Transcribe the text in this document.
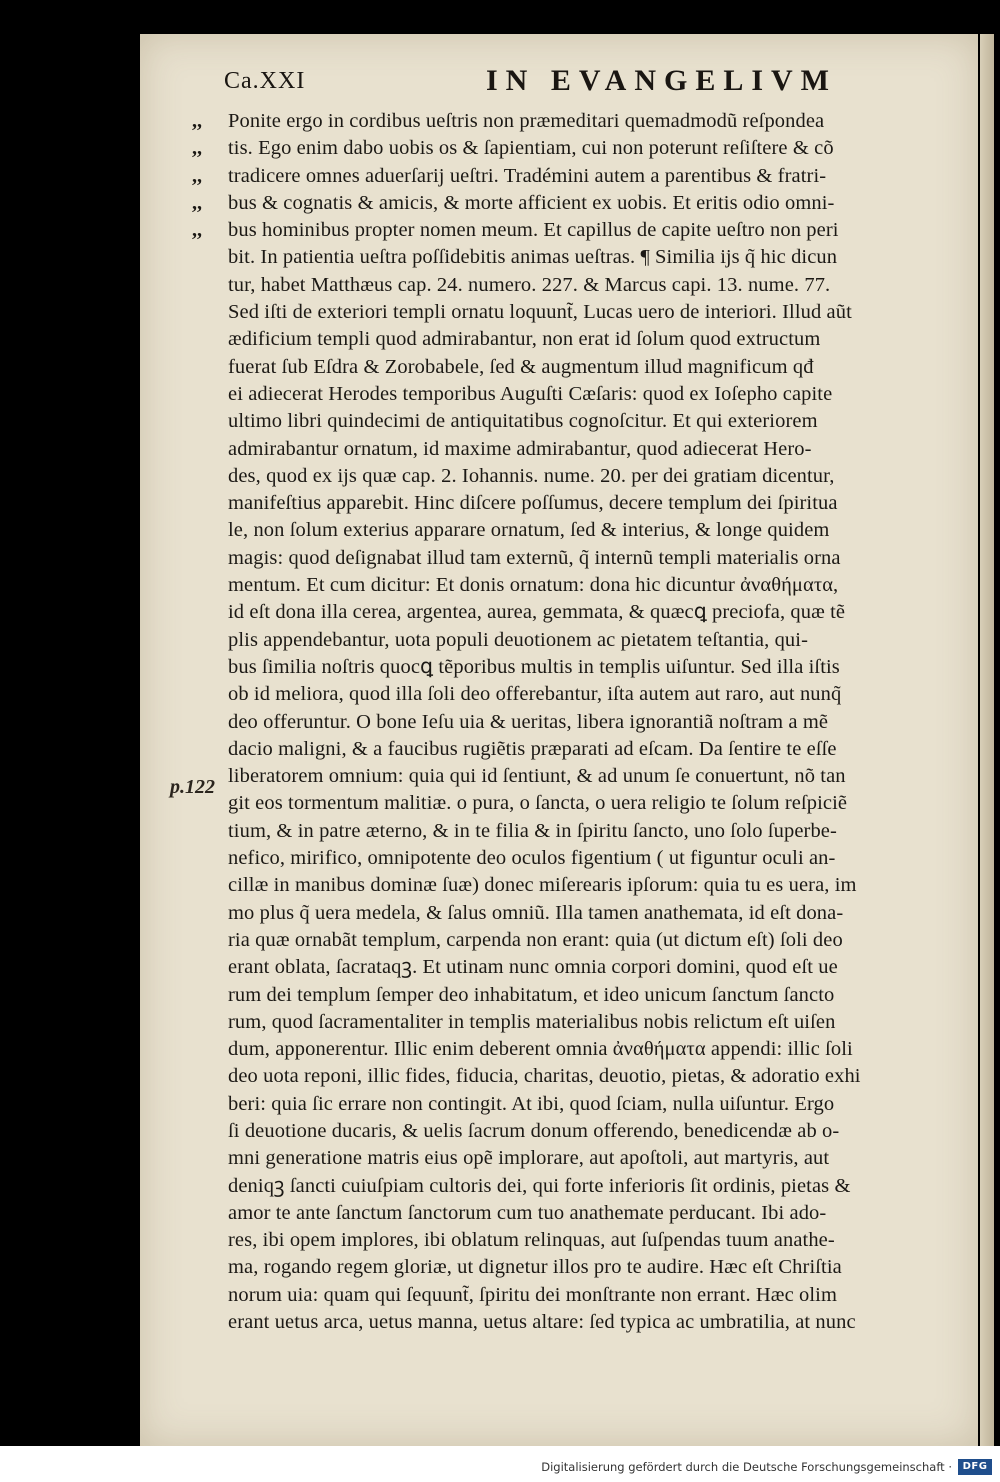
Ca.XXI	IN EVANGELIVM
,,
,,
,,
,,
,,
p.122
Ponite ergo in cordibus ueſtris non præmeditari quemadmodũ reſpondea
tis. Ego enim dabo uobis os & ſapientiam, cui non poterunt reſiſtere & cõ
tradicere omnes aduerſarij ueſtri. Tradémini autem a parentibus & fratri-
bus & cognatis & amicis, & morte afficient ex uobis. Et eritis odio omni-
bus hominibus propter nomen meum. Et capillus de capite ueſtro non peri
bit. In patientia ueſtra poſſidebitis animas ueſtras. ¶ Similia ĳs q̃ hic dicun
tur, habet Matthæus cap. 24. numero. 227. & Marcus capi. 13. nume. 77.
Sed iſti de exteriori templi ornatu loquunt̃, Lucas uero de interiori. Illud aũt
ædificium templi quod admirabantur, non erat id ſolum quod extructum
fuerat ſub Eſdra & Zorobabele, ſed & augmentum illud magnificum qđ
ei adiecerat Herodes temporibus Auguſti Cæſaris: quod ex Ioſepho capite
ultimo libri quindecimi de antiquitatibus cognoſcitur. Et qui exteriorem
admirabantur ornatum, id maxime admirabantur, quod adiecerat Hero-
des, quod ex ĳs quæ cap. 2. Iohannis. nume. 20. per dei gratiam dicentur,
manifeſtius apparebit. Hinc diſcere poſſumus, decere templum dei ſpiritua
le, non ſolum exterius apparare ornatum, ſed & interius, & longe quidem
magis: quod deſignabat illud tam externũ, q̃ internũ templi materialis orna
mentum. Et cum dicitur: Et donis ornatum: dona hic dicuntur ἀναθήματα,
id eſt dona illa cerea, argentea, aurea, gemmata, & quæcꝗ preciofa, quæ tẽ
plis appendebantur, uota populi deuotionem ac pietatem teſtantia, qui-
bus ſimilia noſtris quocꝗ tẽporibus multis in templis uiſuntur. Sed illa iſtis
ob id meliora, quod illa ſoli deo offerebantur, iſta autem aut raro, aut nunq̃
deo offeruntur. O bone Ieſu uia & ueritas, libera ignorantiã noſtram a mẽ
dacio maligni, & a faucibus rugiẽtis præparati ad eſcam. Da ſentire te eſſe
liberatorem omnium: quia qui id ſentiunt, & ad unum ſe conuertunt, nõ tan
git eos tormentum malitiæ. o pura, o ſancta, o uera religio te ſolum reſpiciẽ
tium, & in patre æterno, & in te filia & in ſpiritu ſancto, uno ſolo ſuperbe-
nefico, mirifico, omnipotente deo oculos figentium ( ut figuntur oculi an-
cillæ in manibus dominæ ſuæ) donec miſerearis ipſorum: quia tu es uera, im
mo plus q̃ uera medela, & ſalus omniũ. Illa tamen anathemata, id eſt dona-
ria quæ ornabãt templum, carpenda non erant: quia (ut dictum eſt) ſoli deo
erant oblata, ſacrataqꝫ. Et utinam nunc omnia corpori domini, quod eſt ue
rum dei templum ſemper deo inhabitatum, et ideo unicum ſanctum ſancto
rum, quod ſacramentaliter in templis materialibus nobis relictum eſt uiſen
dum, apponerentur. Illic enim deberent omnia ἀναθήματα appendi: illic ſoli
deo uota reponi, illic fides, fiducia, charitas, deuotio, pietas, & adoratio exhi
beri: quia ſic errare non contingit. At ibi, quod ſciam, nulla uiſuntur. Ergo
ſi deuotione ducaris, & uelis ſacrum donum offerendo, benedicendæ ab o-
mni generatione matris eius opẽ implorare, aut apoſtoli, aut martyris, aut
deniqꝫ ſancti cuiuſpiam cultoris dei, qui forte inferioris ſit ordinis, pietas &
amor te ante ſanctum ſanctorum cum tuo anathemate perducant. Ibi ado-
res, ibi opem implores, ibi oblatum relinquas, aut ſuſpendas tuum anathe-
ma, rogando regem gloriæ, ut dignetur illos pro te audire. Hæc eſt Chriſtia
norum uia: quam qui ſequunt̃, ſpiritu dei monſtrante non errant. Hæc olim
erant uetus arca, uetus manna, uetus altare: ſed typica ac umbratilia, at nunc
Digitalisierung gefördert durch die Deutsche Forschungsgemeinschaft ·	DFG
